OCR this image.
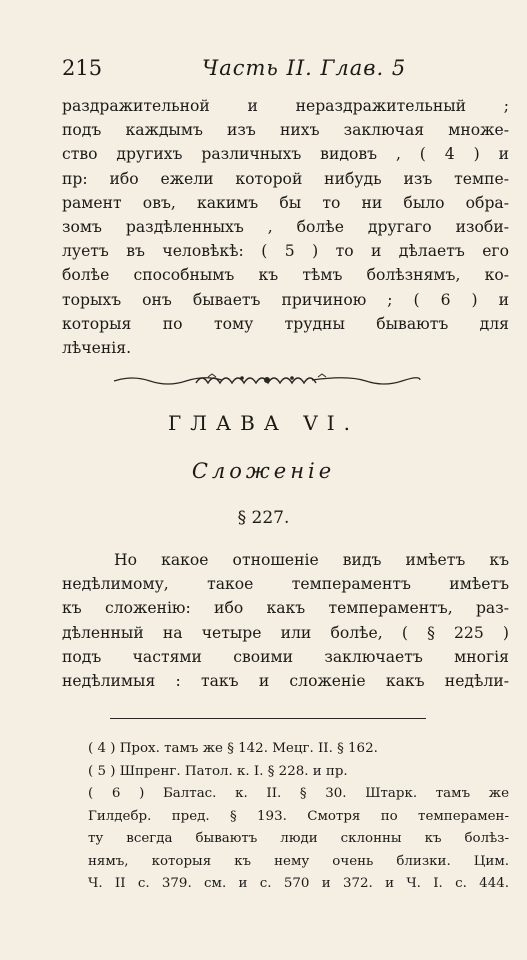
215	Часть II. Глав. 5
раздражительной и нераздражительный ;
подъ каждымъ изъ нихъ заключая множе-
ство другихъ различныхъ видовъ , ( 4 ) и
пр: ибо ежели которой нибудь изъ темпе-
рамент овъ, какимъ бы то ни было обра-
зомъ раздѣленныхъ , болѣе другаго изоби-
луетъ въ человѣкѣ: ( 5 ) то и дѣлаетъ его
болѣе способнымъ къ тѣмъ болѣзнямъ, ко-
торыхъ онъ бываетъ причиною ; ( 6 ) и
которыя по тому трудны бываютъ для
лѣченія.
ГЛАВА VI.
Сложеніе
§ 227.
Но какое отношеніе видъ имѣетъ къ
недѣлимому, такое темпераментъ имѣетъ
къ сложенію: ибо какъ темпераментъ, раз-
дѣленный на четыре или болѣе, ( § 225 )
подъ частями своими заключаетъ многія
недѣлимыя : такъ и сложеніе какъ недѣли-
( 4 ) Прох. тамъ же § 142. Мецг. II. § 162.
( 5 ) Шпренг. Патол. к. I. § 228. и пр.
( 6 ) Балтас. к. II. § 30. Штарк. тамъ же
Гилдебр. пред. § 193. Смотря по темперамен-
ту всегда бываютъ люди склонны къ болѣз-
нямъ, которыя къ нему очень близки. Цим.
Ч. II с. 379. см. и с. 570 и 372. и Ч. I. с. 444.
